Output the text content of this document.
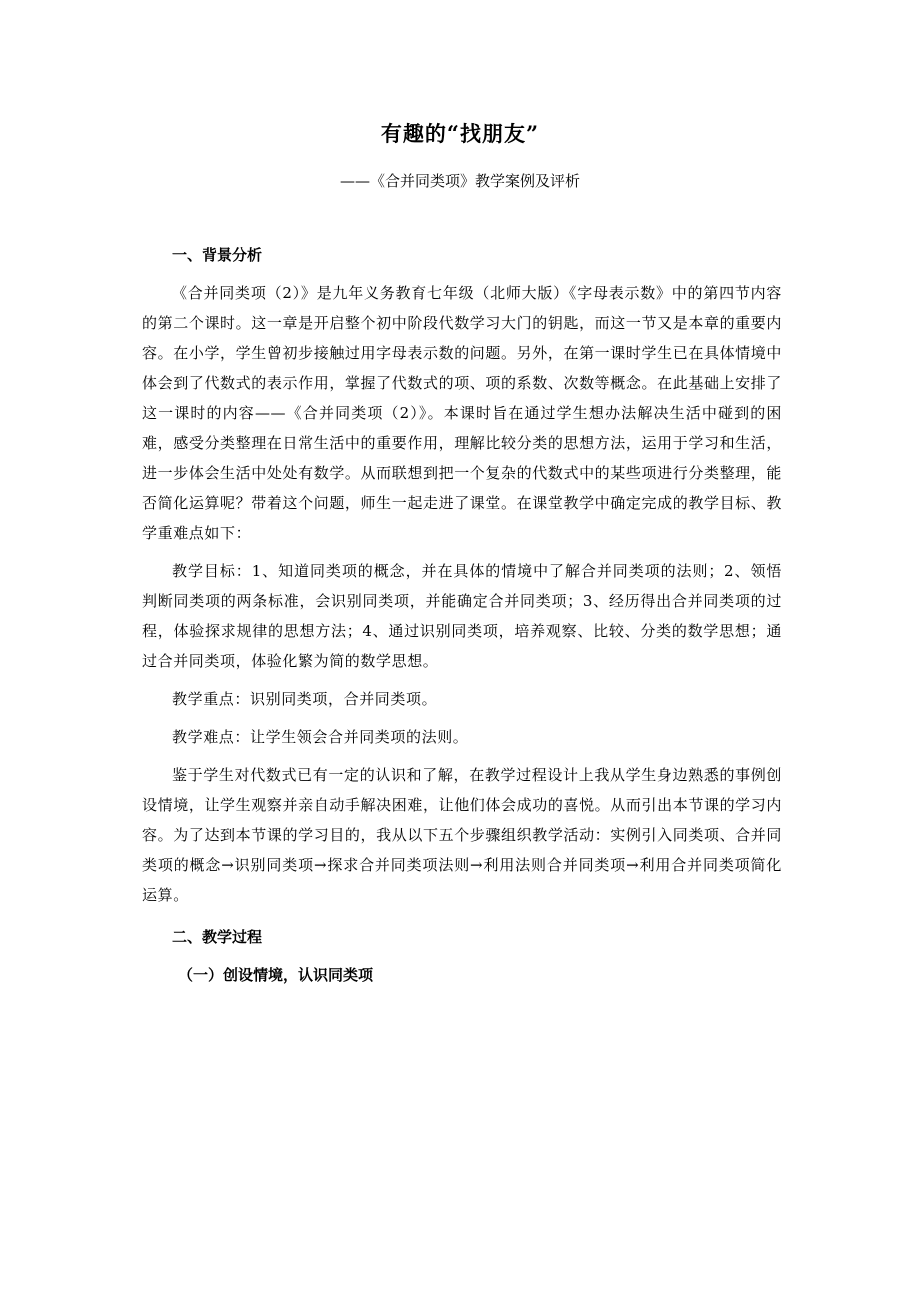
有趣的“找朋友”
——《合并同类项》教学案例及评析
一、背景分析

《合并同类项（2）》是九年义务教育七年级（北师大版）《字母表示数》中的第四节内容的第二个课时。这一章是开启整个初中阶段代数学习大门的钥匙，而这一节又是本章的重要内容。在小学，学生曾初步接触过用字母表示数的问题。另外，在第一课时学生已在具体情境中体会到了代数式的表示作用，掌握了代数式的项、项的系数、次数等概念。在此基础上安排了这一课时的内容——《合并同类项（2）》。本课时旨在通过学生想办法解决生活中碰到的困难，感受分类整理在日常生活中的重要作用，理解比较分类的思想方法，运用于学习和生活，进一步体会生活中处处有数学。从而联想到把一个复杂的代数式中的某些项进行分类整理，能否简化运算呢？带着这个问题，师生一起走进了课堂。在课堂教学中确定完成的教学目标、教学重难点如下：

教学目标：1、知道同类项的概念，并在具体的情境中了解合并同类项的法则；2、领悟判断同类项的两条标准，会识别同类项，并能确定合并同类项；3、经历得出合并同类项的过程，体验探求规律的思想方法；4、通过识别同类项，培养观察、比较、分类的数学思想；通过合并同类项，体验化繁为简的数学思想。

教学重点：识别同类项，合并同类项。

教学难点：让学生领会合并同类项的法则。

鉴于学生对代数式已有一定的认识和了解，在教学过程设计上我从学生身边熟悉的事例创设情境，让学生观察并亲自动手解决困难，让他们体会成功的喜悦。从而引出本节课的学习内容。为了达到本节课的学习目的，我从以下五个步骤组织教学活动：实例引入同类项、合并同类项的概念→识别同类项→探求合并同类项法则→利用法则合并同类项→利用合并同类项简化运算。

二、教学过程
（一）创设情境，认识同类项
